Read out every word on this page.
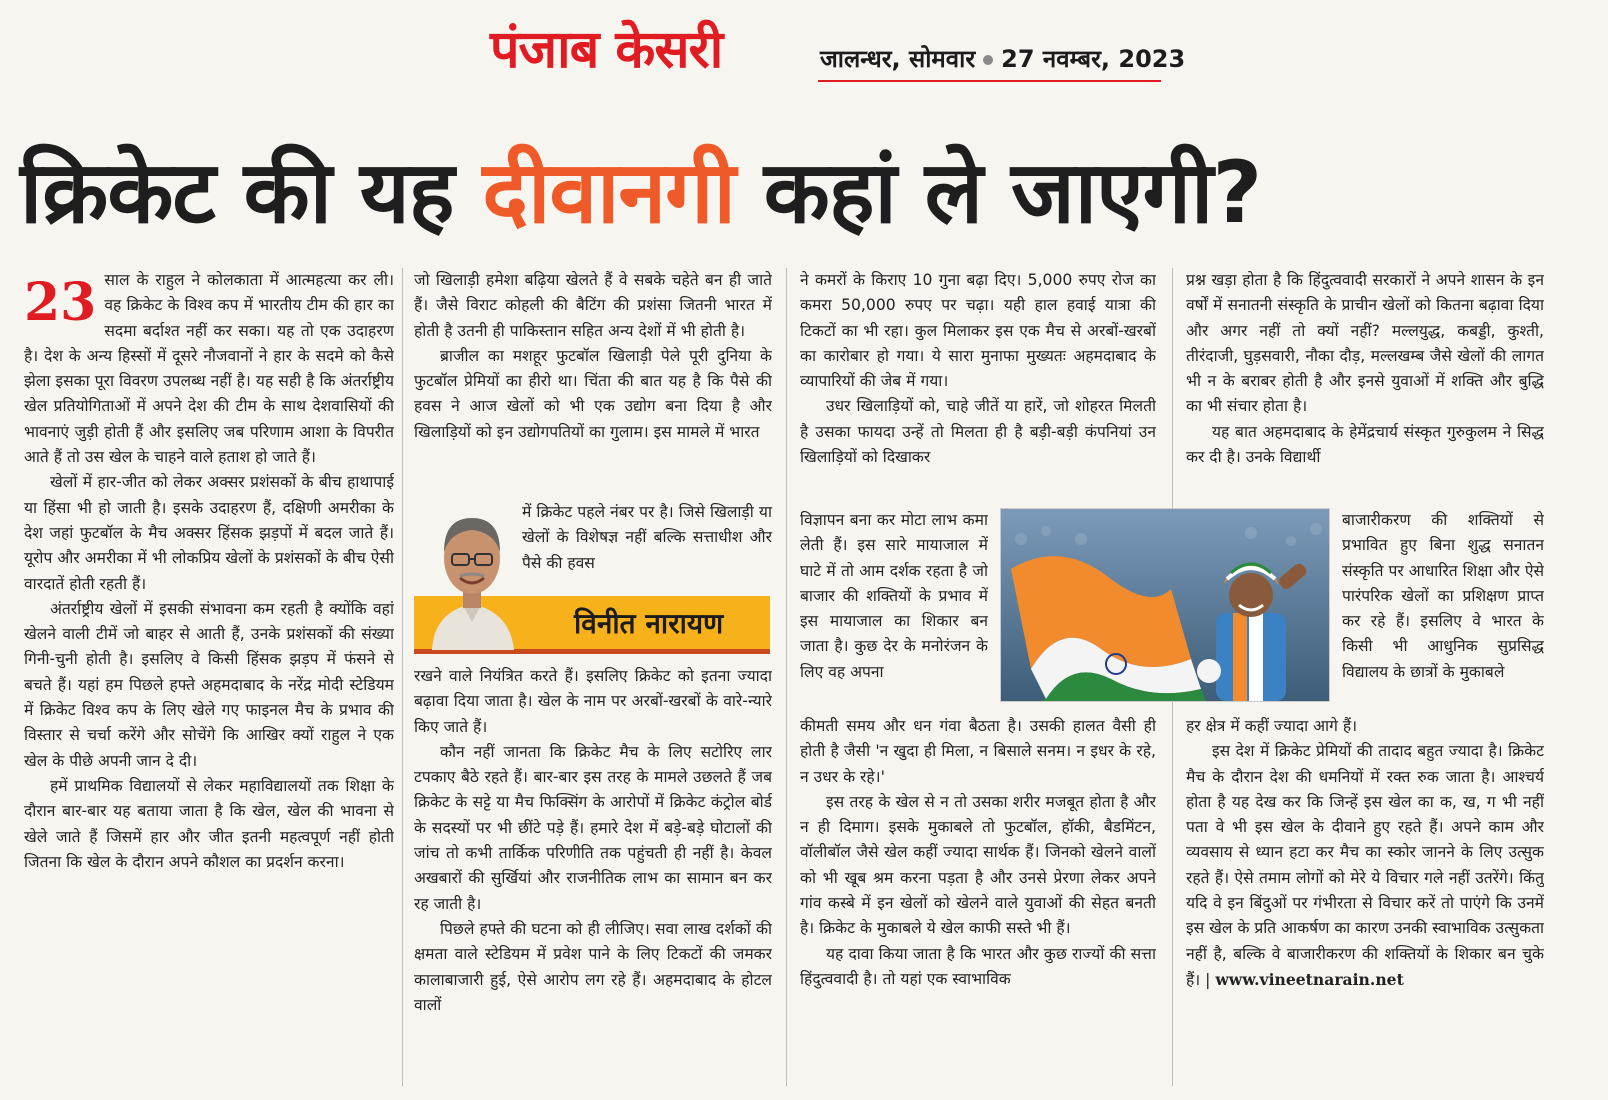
पंजाब केसरी	जालन्धर, सोमवार 27 नवम्बर, 2023
क्रिकेट की यह दीवानगी कहां ले जाएगी?

23 साल के राहुल ने कोलकाता में आत्महत्या कर ली। वह क्रिकेट के विश्व कप में भारतीय टीम की हार का सदमा बर्दाश्त नहीं कर सका। यह तो एक उदाहरण है। देश के अन्य हिस्सों में दूसरे नौजवानों ने हार के सदमे को कैसे झेला इसका पूरा विवरण उपलब्ध नहीं है। यह सही है कि अंतर्राष्ट्रीय खेल प्रतियोगिताओं में अपने देश की टीम के साथ देशवासियों की भावनाएं जुड़ी होती हैं और इसलिए जब परिणाम आशा के विपरीत आते हैं तो उस खेल के चाहने वाले हताश हो जाते हैं।

खेलों में हार-जीत को लेकर अक्सर प्रशंसकों के बीच हाथापाई या हिंसा भी हो जाती है। इसके उदाहरण हैं, दक्षिणी अमरीका के देश जहां फुटबॉल के मैच अक्सर हिंसक झड़पों में बदल जाते हैं। यूरोप और अमरीका में भी लोकप्रिय खेलों के प्रशंसकों के बीच ऐसी वारदातें होती रहती हैं।

अंतर्राष्ट्रीय खेलों में इसकी संभावना कम रहती है क्योंकि वहां खेलने वाली टीमें जो बाहर से आती हैं, उनके प्रशंसकों की संख्या गिनी-चुनी होती है। इसलिए वे किसी हिंसक झड़प में फंसने से बचते हैं। यहां हम पिछले हफ्ते अहमदाबाद के नरेंद्र मोदी स्टेडियम में क्रिकेट विश्व कप के लिए खेले गए फाइनल मैच के प्रभाव की विस्तार से चर्चा करेंगे और सोचेंगे कि आखिर क्यों राहुल ने एक खेल के पीछे अपनी जान दे दी।

हमें प्राथमिक विद्यालयों से लेकर महाविद्यालयों तक शिक्षा के दौरान बार-बार यह बताया जाता है कि खेल, खेल की भावना से खेले जाते हैं जिसमें हार और जीत इतनी महत्वपूर्ण नहीं होती जितना कि खेल के दौरान अपने कौशल का प्रदर्शन करना।

जो खिलाड़ी हमेशा बढ़िया खेलते हैं वे सबके चहेते बन ही जाते हैं। जैसे विराट कोहली की बैटिंग की प्रशंसा जितनी भारत में होती है उतनी ही पाकिस्तान सहित अन्य देशों में भी होती है।

ब्राजील का मशहूर फुटबॉल खिलाड़ी पेले पूरी दुनिया के फुटबॉल प्रेमियों का हीरो था। चिंता की बात यह है कि पैसे की हवस ने आज खेलों को भी एक उद्योग बना दिया है और खिलाड़ियों को इन उद्योगपतियों का गुलाम। इस मामले में भारत

में क्रिकेट पहले नंबर पर है। जिसे खिलाड़ी या खेलों के विशेषज्ञ नहीं बल्कि सत्ताधीश और पैसे की हवस
विनीत नारायण

रखने वाले नियंत्रित करते हैं। इसलिए क्रिकेट को इतना ज्यादा बढ़ावा दिया जाता है। खेल के नाम पर अरबों-खरबों के वारे-न्यारे किए जाते हैं।

कौन नहीं जानता कि क्रिकेट मैच के लिए सटोरिए लार टपकाए बैठे रहते हैं। बार-बार इस तरह के मामले उछलते हैं जब क्रिकेट के सट्टे या मैच फिक्सिंग के आरोपों में क्रिकेट कंट्रोल बोर्ड के सदस्यों पर भी छींटे पड़े हैं। हमारे देश में बड़े-बड़े घोटालों की जांच तो कभी तार्किक परिणीति तक पहुंचती ही नहीं है। केवल अखबारों की सुर्खियां और राजनीतिक लाभ का सामान बन कर रह जाती है।

पिछले हफ्ते की घटना को ही लीजिए। सवा लाख दर्शकों की क्षमता वाले स्टेडियम में प्रवेश पाने के लिए टिकटों की जमकर कालाबाजारी हुई, ऐसे आरोप लग रहे हैं। अहमदाबाद के होटल वालों

ने कमरों के किराए 10 गुना बढ़ा दिए। 5,000 रुपए रोज का कमरा 50,000 रुपए पर चढ़ा। यही हाल हवाई यात्रा की टिकटों का भी रहा। कुल मिलाकर इस एक मैच से अरबों-खरबों का कारोबार हो गया। ये सारा मुनाफा मुख्यतः अहमदाबाद के व्यापारियों की जेब में गया।

उधर खिलाड़ियों को, चाहे जीतें या हारें, जो शोहरत मिलती है उसका फायदा उन्हें तो मिलता ही है बड़ी-बड़ी कंपनियां उन खिलाड़ियों को दिखाकर

विज्ञापन बना कर मोटा लाभ कमा लेती हैं। इस सारे मायाजाल में घाटे में तो आम दर्शक रहता है जो बाजार की शक्तियों के प्रभाव में इस मायाजाल का शिकार बन जाता है। कुछ देर के मनोरंजन के लिए वह अपना

कीमती समय और धन गंवा बैठता है। उसकी हालत वैसी ही होती है जैसी 'न खुदा ही मिला, न बिसाले सनम। न इधर के रहे, न उधर के रहे।'

इस तरह के खेल से न तो उसका शरीर मजबूत होता है और न ही दिमाग। इसके मुकाबले तो फुटबॉल, हॉकी, बैडमिंटन, वॉलीबॉल जैसे खेल कहीं ज्यादा सार्थक हैं। जिनको खेलने वालों को भी खूब श्रम करना पड़ता है और उनसे प्रेरणा लेकर अपने गांव कस्बे में इन खेलों को खेलने वाले युवाओं की सेहत बनती है। क्रिकेट के मुकाबले ये खेल काफी सस्ते भी हैं।

यह दावा किया जाता है कि भारत और कुछ राज्यों की सत्ता हिंदुत्ववादी है। तो यहां एक स्वाभाविक

प्रश्न खड़ा होता है कि हिंदुत्ववादी सरकारों ने अपने शासन के इन वर्षों में सनातनी संस्कृति के प्राचीन खेलों को कितना बढ़ावा दिया और अगर नहीं तो क्यों नहीं? मल्लयुद्ध, कबड्डी, कुश्ती, तीरंदाजी, घुड़सवारी, नौका दौड़, मल्लखम्ब जैसे खेलों की लागत भी न के बराबर होती है और इनसे युवाओं में शक्ति और बुद्धि का भी संचार होता है।

यह बात अहमदाबाद के हेमेंद्रचार्य संस्कृत गुरुकुलम ने सिद्ध कर दी है। उनके विद्यार्थी

बाजारीकरण की शक्तियों से प्रभावित हुए बिना शुद्ध सनातन संस्कृति पर आधारित शिक्षा और ऐसे पारंपरिक खेलों का प्रशिक्षण प्राप्त कर रहे हैं। इसलिए वे भारत के किसी भी आधुनिक सुप्रसिद्ध विद्यालय के छात्रों के मुकाबले

हर क्षेत्र में कहीं ज्यादा आगे हैं।

इस देश में क्रिकेट प्रेमियों की तादाद बहुत ज्यादा है। क्रिकेट मैच के दौरान देश की धमनियों में रक्त रुक जाता है। आश्चर्य होता है यह देख कर कि जिन्हें इस खेल का क, ख, ग भी नहीं पता वे भी इस खेल के दीवाने हुए रहते हैं। अपने काम और व्यवसाय से ध्यान हटा कर मैच का स्कोर जानने के लिए उत्सुक रहते हैं। ऐसे तमाम लोगों को मेरे ये विचार गले नहीं उतरेंगे। किंतु यदि वे इन बिंदुओं पर गंभीरता से विचार करें तो पाएंगे कि उनमें इस खेल के प्रति आकर्षण का कारण उनकी स्वाभाविक उत्सुकता नहीं है, बल्कि वे बाजारीकरण की शक्तियों के शिकार बन चुके हैं। | www.vineetnarain.net
